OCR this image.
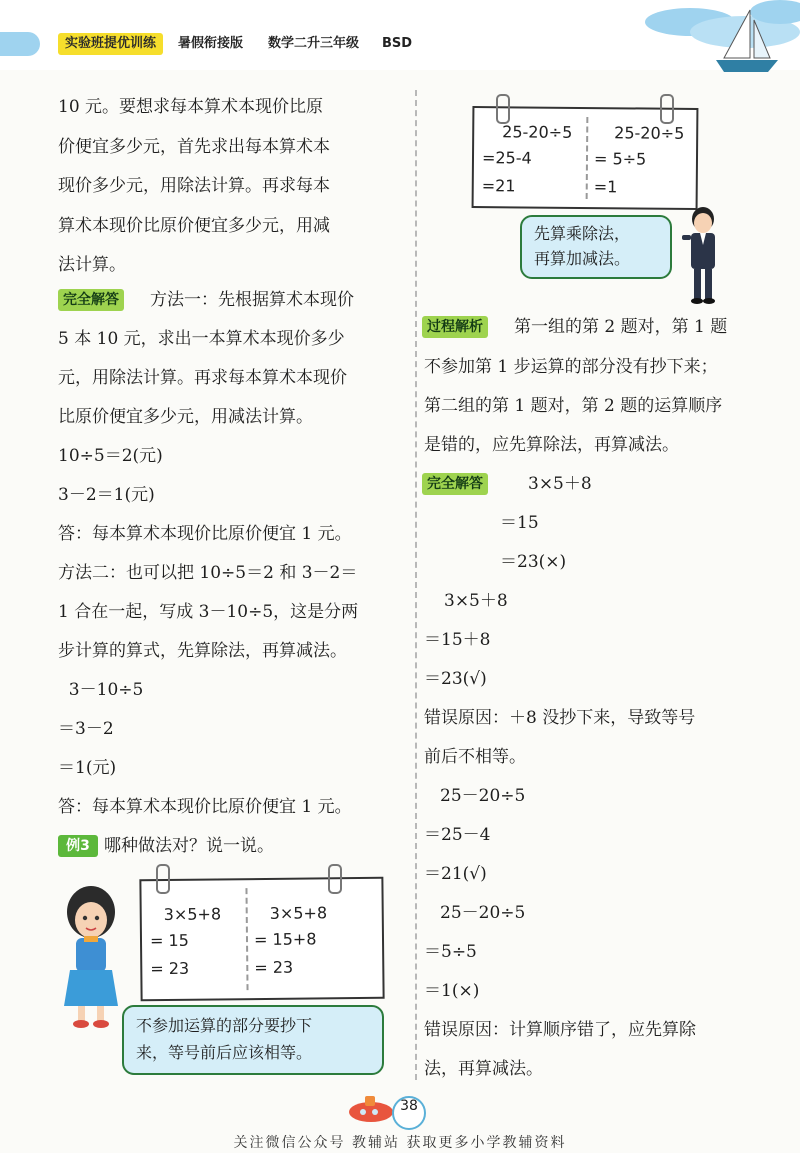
实验班提优训练	暑假衔接版 数学二升三年级 BSD
10 元。要想求每本算术本现价比原
价便宜多少元，首先求出每本算术本
现价多少元，用除法计算。再求每本
算术本现价比原价便宜多少元，用减
法计算。
完全解答 方法一：先根据算术本现价
5 本 10 元，求出一本算术本现价多少
元，用除法计算。再求每本算术本现价
比原价便宜多少元，用减法计算。
10÷5＝2(元)
3－2＝1(元)
答：每本算术本现价比原价便宜 1 元。
方法二：也可以把 10÷5＝2 和 3－2＝
1 合在一起，写成 3－10÷5，这是分两
步计算的算式，先算除法，再算减法。
3－10÷5
＝3－2
＝1(元)
答：每本算术本现价比原价便宜 1 元。
例3 哪种做法对？说一说。
3×5+8
= 15
= 23
3×5+8
= 15+8
= 23
不参加运算的部分要抄下
来，等号前后应该相等。
25-20÷5
=25-4
=21
25-20÷5
= 5÷5
=1
先算乘除法，
再算加减法。
过程解析 第一组的第 2 题对，第 1 题
不参加第 1 步运算的部分没有抄下来；
第二组的第 1 题对，第 2 题的运算顺序
是错的，应先算除法，再算减法。
完全解答	3×5＋8
＝15
＝23(×)
3×5＋8
＝15＋8
＝23(√)
错误原因：＋8 没抄下来，导致等号
前后不相等。
25－20÷5
＝25－4
＝21(√)
25－20÷5
＝5÷5
＝1(×)
错误原因：计算顺序错了，应先算除
法，再算减法。
38
关注微信公众号 教辅站 获取更多小学教辅资料
